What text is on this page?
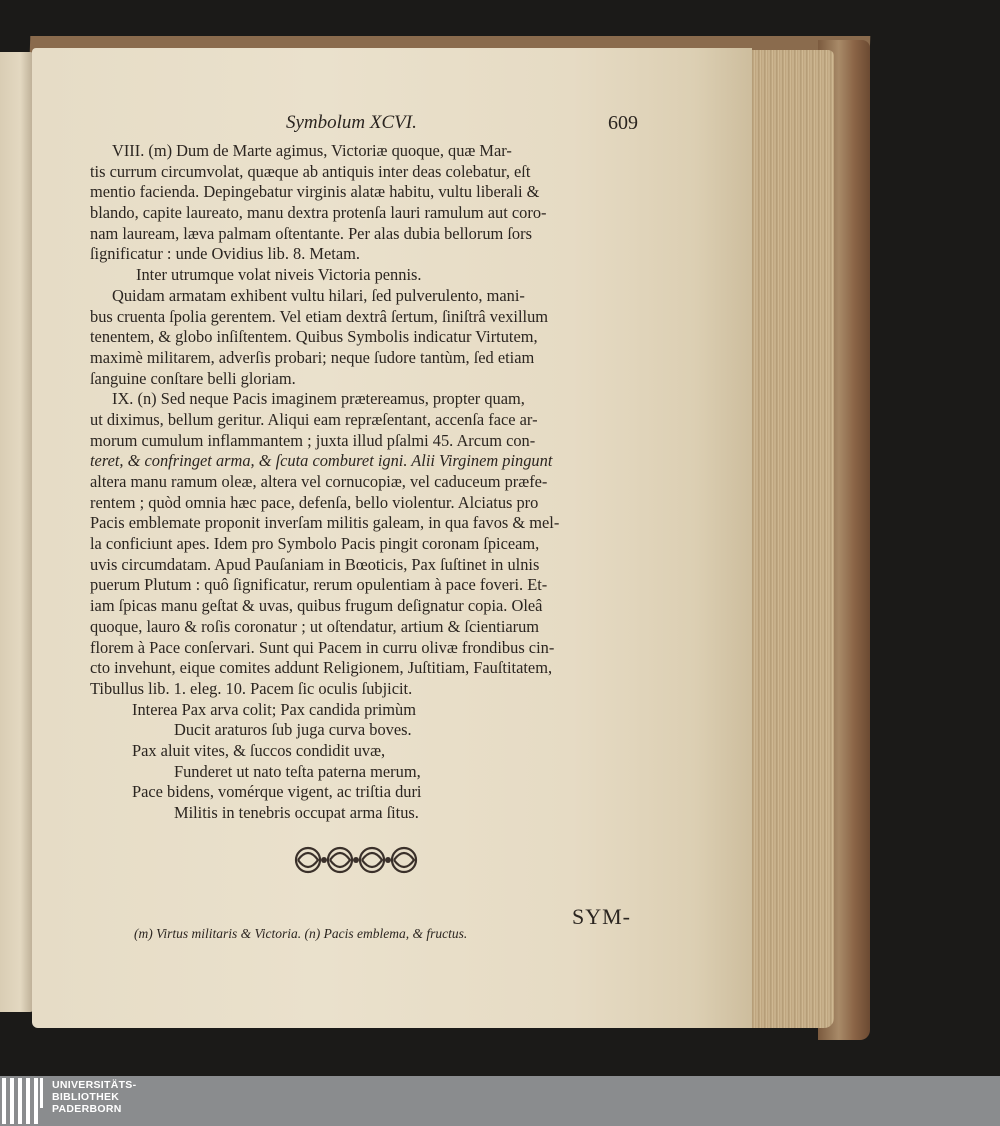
Symbolum XCVI.	609
VIII. (m) Dum de Marte agimus, Victoriæ quoque, quæ Mar-
tis currum circumvolat, quæque ab antiquis inter deas colebatur, eſt
mentio facienda. Depingebatur virginis alatæ habitu, vultu liberali &
blando, capite laureato, manu dextra protenſa lauri ramulum aut coro-
nam lauream, læva palmam oſtentante. Per alas dubia bellorum ſors
ſignificatur : unde Ovidius lib. 8. Metam.
Inter utrumque volat niveis Victoria pennis.
Quidam armatam exhibent vultu hilari, ſed pulverulento, mani-
bus cruenta ſpolia gerentem. Vel etiam dextrâ ſertum, ſiniſtrâ vexillum
tenentem, & globo inſiſtentem. Quibus Symbolis indicatur Virtutem,
maximè militarem, adverſis probari; neque ſudore tantùm, ſed etiam
ſanguine conſtare belli gloriam.
IX. (n) Sed neque Pacis imaginem prætereamus, propter quam,
ut diximus, bellum geritur. Aliqui eam repræſentant, accenſa face ar-
morum cumulum inflammantem ; juxta illud pſalmi 45. Arcum con-
teret, & confringet arma, & ſcuta comburet igni. Alii Virginem pingunt
altera manu ramum oleæ, altera vel cornucopiæ, vel caduceum præfe-
rentem ; quòd omnia hæc pace, defenſa, bello violentur. Alciatus pro
Pacis emblemate proponit inverſam militis galeam, in qua favos & mel-
la conficiunt apes. Idem pro Symbolo Pacis pingit coronam ſpiceam,
uvis circumdatam. Apud Pauſaniam in Bœoticis, Pax ſuſtinet in ulnis
puerum Plutum : quô ſignificatur, rerum opulentiam à pace foveri. Et-
iam ſpicas manu geſtat & uvas, quibus frugum deſignatur copia. Oleâ
quoque, lauro & roſis coronatur ; ut oſtendatur, artium & ſcientiarum
florem à Pace conſervari. Sunt qui Pacem in curru olivæ frondibus cin-
cto invehunt, eique comites addunt Religionem, Juſtitiam, Fauſtitatem,
Tibullus lib. 1. eleg. 10. Pacem ſic oculis ſubjicit.
Interea Pax arva colit; Pax candida primùm
Ducit araturos ſub juga curva boves.
Pax aluit vites, & ſuccos condidit uvæ,
Funderet ut nato teſta paterna merum,
Pace bidens, vomérque vigent, ac triſtia duri
Militis in tenebris occupat arma ſitus.
SYM-
(m) Virtus militaris & Victoria. (n) Pacis emblema, & fructus.
UNIVERSITÄTS-
BIBLIOTHEK
PADERBORN
